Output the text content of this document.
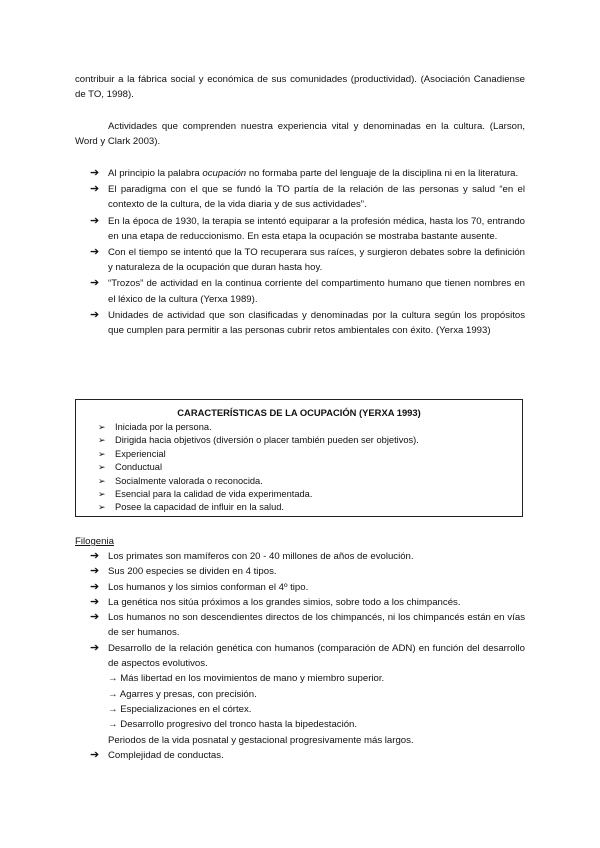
contribuir a la fábrica social y económica de sus comunidades (productividad). (Asociación Canadiense de TO, 1998).

Actividades que comprenden nuestra experiencia vital y denominadas en la cultura. (Larson, Word y Clark 2003).

➔ Al principio la palabra ocupación no formaba parte del lenguaje de la disciplina ni en la literatura.
➔ El paradigma con el que se fundó la TO partía de la relación de las personas y salud “en el contexto de la cultura, de la vida diaria y de sus actividades”.
➔ En la época de 1930, la terapia se intentó equiparar a la profesión médica, hasta los 70, entrando en una etapa de reduccionismo. En esta etapa la ocupación se mostraba bastante ausente.
➔ Con el tiempo se intentó que la TO recuperara sus raíces, y surgieron debates sobre la definición y naturaleza de la ocupación que duran hasta hoy.
➔ “Trozos” de actividad en la continua corriente del compartimento humano que tienen nombres en el léxico de la cultura (Yerxa 1989).
➔ Unidades de actividad que son clasificadas y denominadas por la cultura según los propósitos que cumplen para permitir a las personas cubrir retos ambientales con éxito. (Yerxa 1993)
CARACTERÍSTICAS DE LA OCUPACIÓN (YERXA 1993)
➢ Iniciada por la persona.
➢ Dirigida hacia objetivos (diversión o placer también pueden ser objetivos).
➢ Experiencial
➢ Conductual
➢ Socialmente valorada o reconocida.
➢ Esencial para la calidad de vida experimentada.
➢ Posee la capacidad de influir en la salud.
Filogenia
➔ Los primates son mamíferos con 20 - 40 millones de años de evolución.
➔ Sus 200 especies se dividen en 4 tipos.
➔ Los humanos y los simios conforman el 4º tipo.
➔ La genética nos sitúa próximos a los grandes simios, sobre todo a los chimpancés.
➔ Los humanos no son descendientes directos de los chimpancés, ni los chimpancés están en vías de ser humanos.
➔ Desarrollo de la relación genética con humanos (comparación de ADN) en función del desarrollo de aspectos evolutivos.
→ Más libertad en los movimientos de mano y miembro superior.
→ Agarres y presas, con precisión.
→ Especializaciones en el córtex.
→ Desarrollo progresivo del tronco hasta la bipedestación.
Periodos de la vida posnatal y gestacional progresivamente más largos.
➔ Complejidad de conductas.
